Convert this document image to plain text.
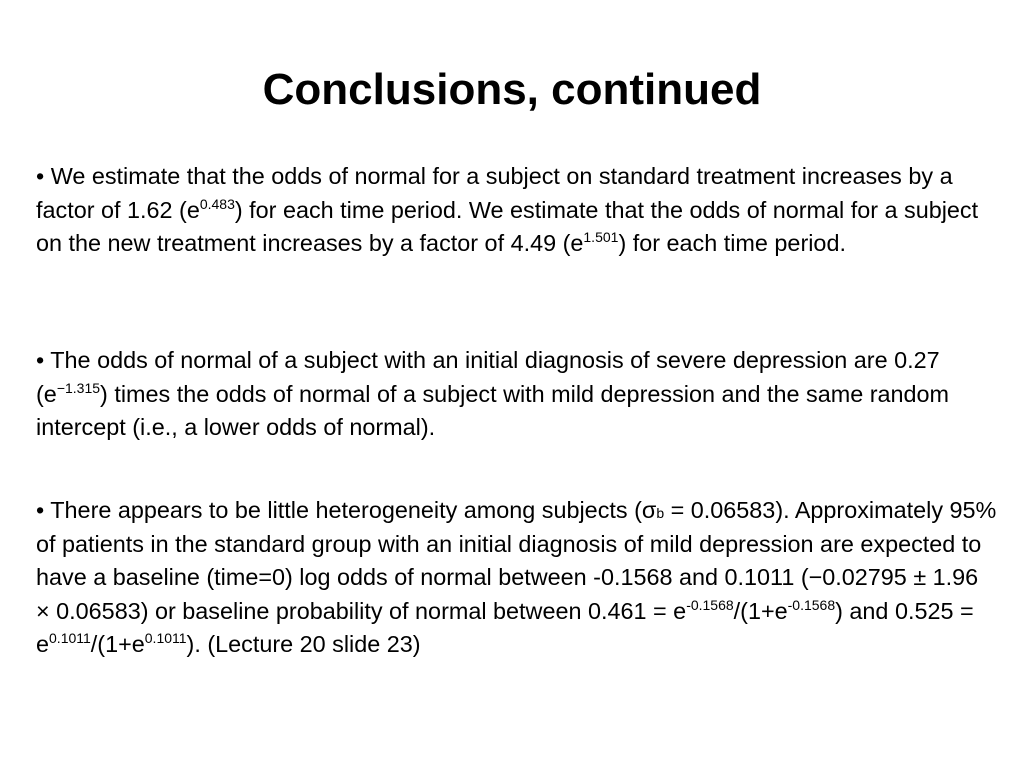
Conclusions, continued

• We estimate that the odds of normal for a subject on standard treatment increases by a factor of 1.62 $(e^{0.483})$ for each time period. We estimate that the odds of normal for a subject on the new treatment increases by a factor of 4.49 $(e^{1.501})$ for each time period.

• The odds of normal of a subject with an initial diagnosis of severe depression are 0.27 $(e^{-1.315})$ times the odds of normal of a subject with mild depression and the same random intercept (i.e., a lower odds of normal).

• There appears to be little heterogeneity among subjects (σb = 0.06583). Approximately 95% of patients in the standard group with an initial diagnosis of mild depression are expected to have a baseline (time=0) log odds of normal between -0.1568 and 0.1011 (−0.02795 ± 1.96 × 0.06583) or baseline probability of normal between $0.461 = e^{-0.1568}/(1+e^{-0.1568})$ and $0.525 = e^{0.1011}/(1+e^{0.1011})$. (Lecture 20 slide 23)
